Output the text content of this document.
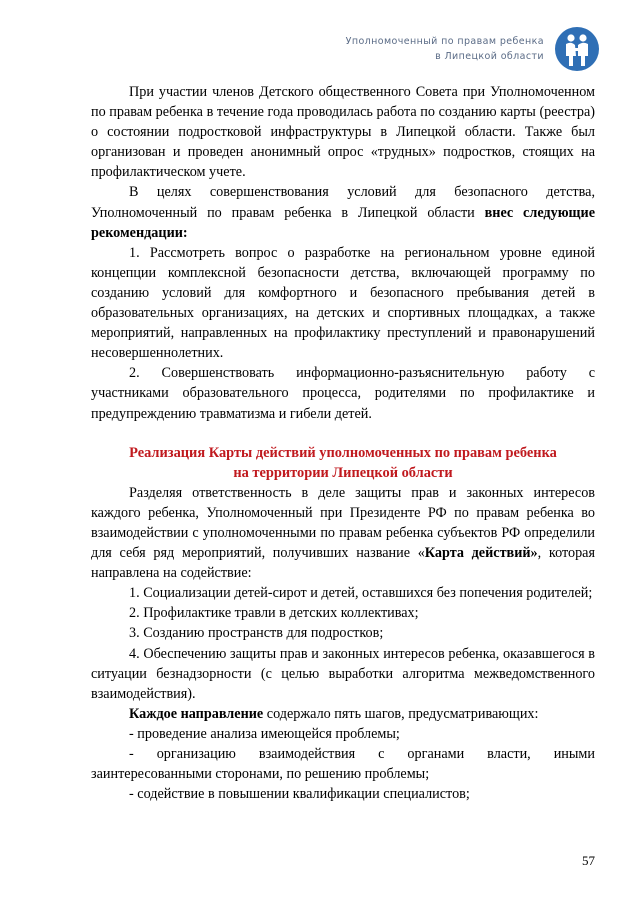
Уполномоченный по правам ребенка
в Липецкой области

При участии членов Детского общественного Совета при Уполномоченном по правам ребенка в течение года проводилась работа по созданию карты (реестра) о состоянии подростковой инфраструктуры в Липецкой области. Также был организован и проведен анонимный опрос «трудных» подростков, стоящих на профилактическом учете.

В целях совершенствования условий для безопасного детства, Уполномоченный по правам ребенка в Липецкой области внес следующие рекомендации:

1. Рассмотреть вопрос о разработке на региональном уровне единой концепции комплексной безопасности детства, включающей программу по созданию условий для комфортного и безопасного пребывания детей в образовательных организациях, на детских и спортивных площадках, а также мероприятий, направленных на профилактику преступлений и правонарушений несовершеннолетних.

2. Совершенствовать информационно-разъяснительную работу с участниками образовательного процесса, родителями по профилактике и предупреждению травматизма и гибели детей.

Реализация Карты действий уполномоченных по правам ребенка
на территории Липецкой области

Разделяя ответственность в деле защиты прав и законных интересов каждого ребенка, Уполномоченный при Президенте РФ по правам ребенка во взаимодействии с уполномоченными по правам ребенка субъектов РФ определили для себя ряд мероприятий, получивших название «Карта действий», которая направлена на содействие:

1. Социализации детей-сирот и детей, оставшихся без попечения родителей;

2. Профилактике травли в детских коллективах;

3. Созданию пространств для подростков;

4. Обеспечению защиты прав и законных интересов ребенка, оказавшегося в ситуации безнадзорности (с целью выработки алгоритма межведомственного взаимодействия).

Каждое направление содержало пять шагов, предусматривающих:

- проведение анализа имеющейся проблемы;

- организацию взаимодействия с органами власти, иными заинтересованными сторонами, по решению проблемы;

- содействие в повышении квалификации специалистов;

57
